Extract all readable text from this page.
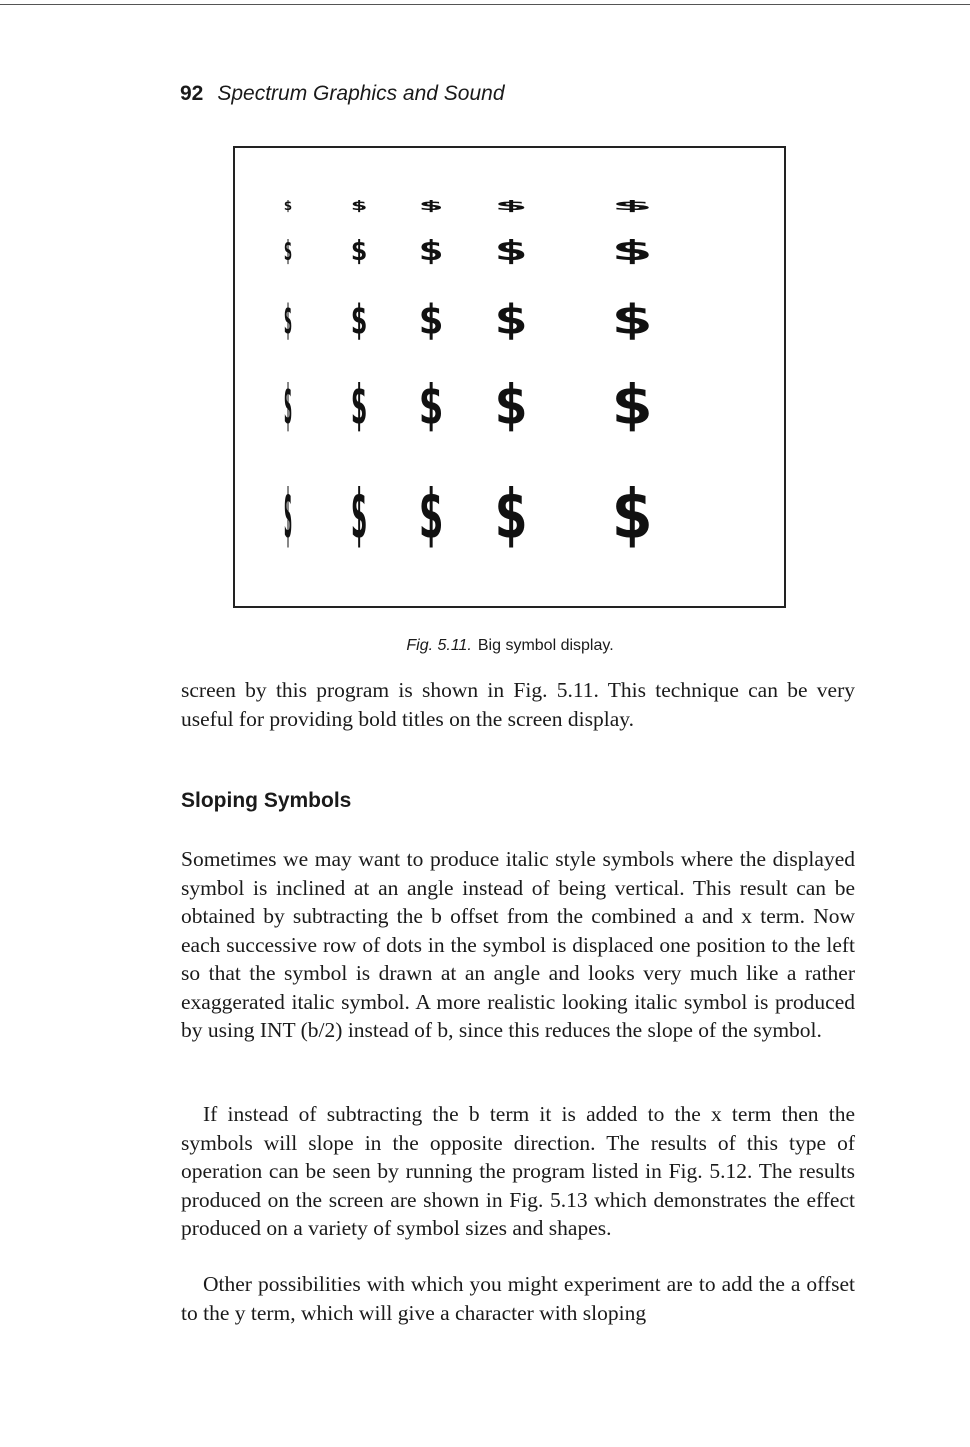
92 Spectrum Graphics and Sound
$	$	$	$	$
$	$	$	$	$
$	$	$	$	$
$	$	$	$	$
$	$	$	$	$
Fig. 5.11. Big symbol display.

screen by this program is shown in Fig. 5.11. This technique can be very useful for providing bold titles on the screen display.

Sloping Symbols

Sometimes we may want to produce italic style symbols where the displayed symbol is inclined at an angle instead of being vertical. This result can be obtained by subtracting the b offset from the combined a and x term. Now each successive row of dots in the symbol is displaced one position to the left so that the symbol is drawn at an angle and looks very much like a rather exaggerated italic symbol. A more realistic looking italic symbol is produced by using INT (b/2) instead of b, since this reduces the slope of the symbol.

If instead of subtracting the b term it is added to the x term then the symbols will slope in the opposite direction. The results of this type of operation can be seen by running the program listed in Fig. 5.12. The results produced on the screen are shown in Fig. 5.13 which demonstrates the effect produced on a variety of symbol sizes and shapes.

Other possibilities with which you might experiment are to add the a offset to the y term, which will give a character with sloping
